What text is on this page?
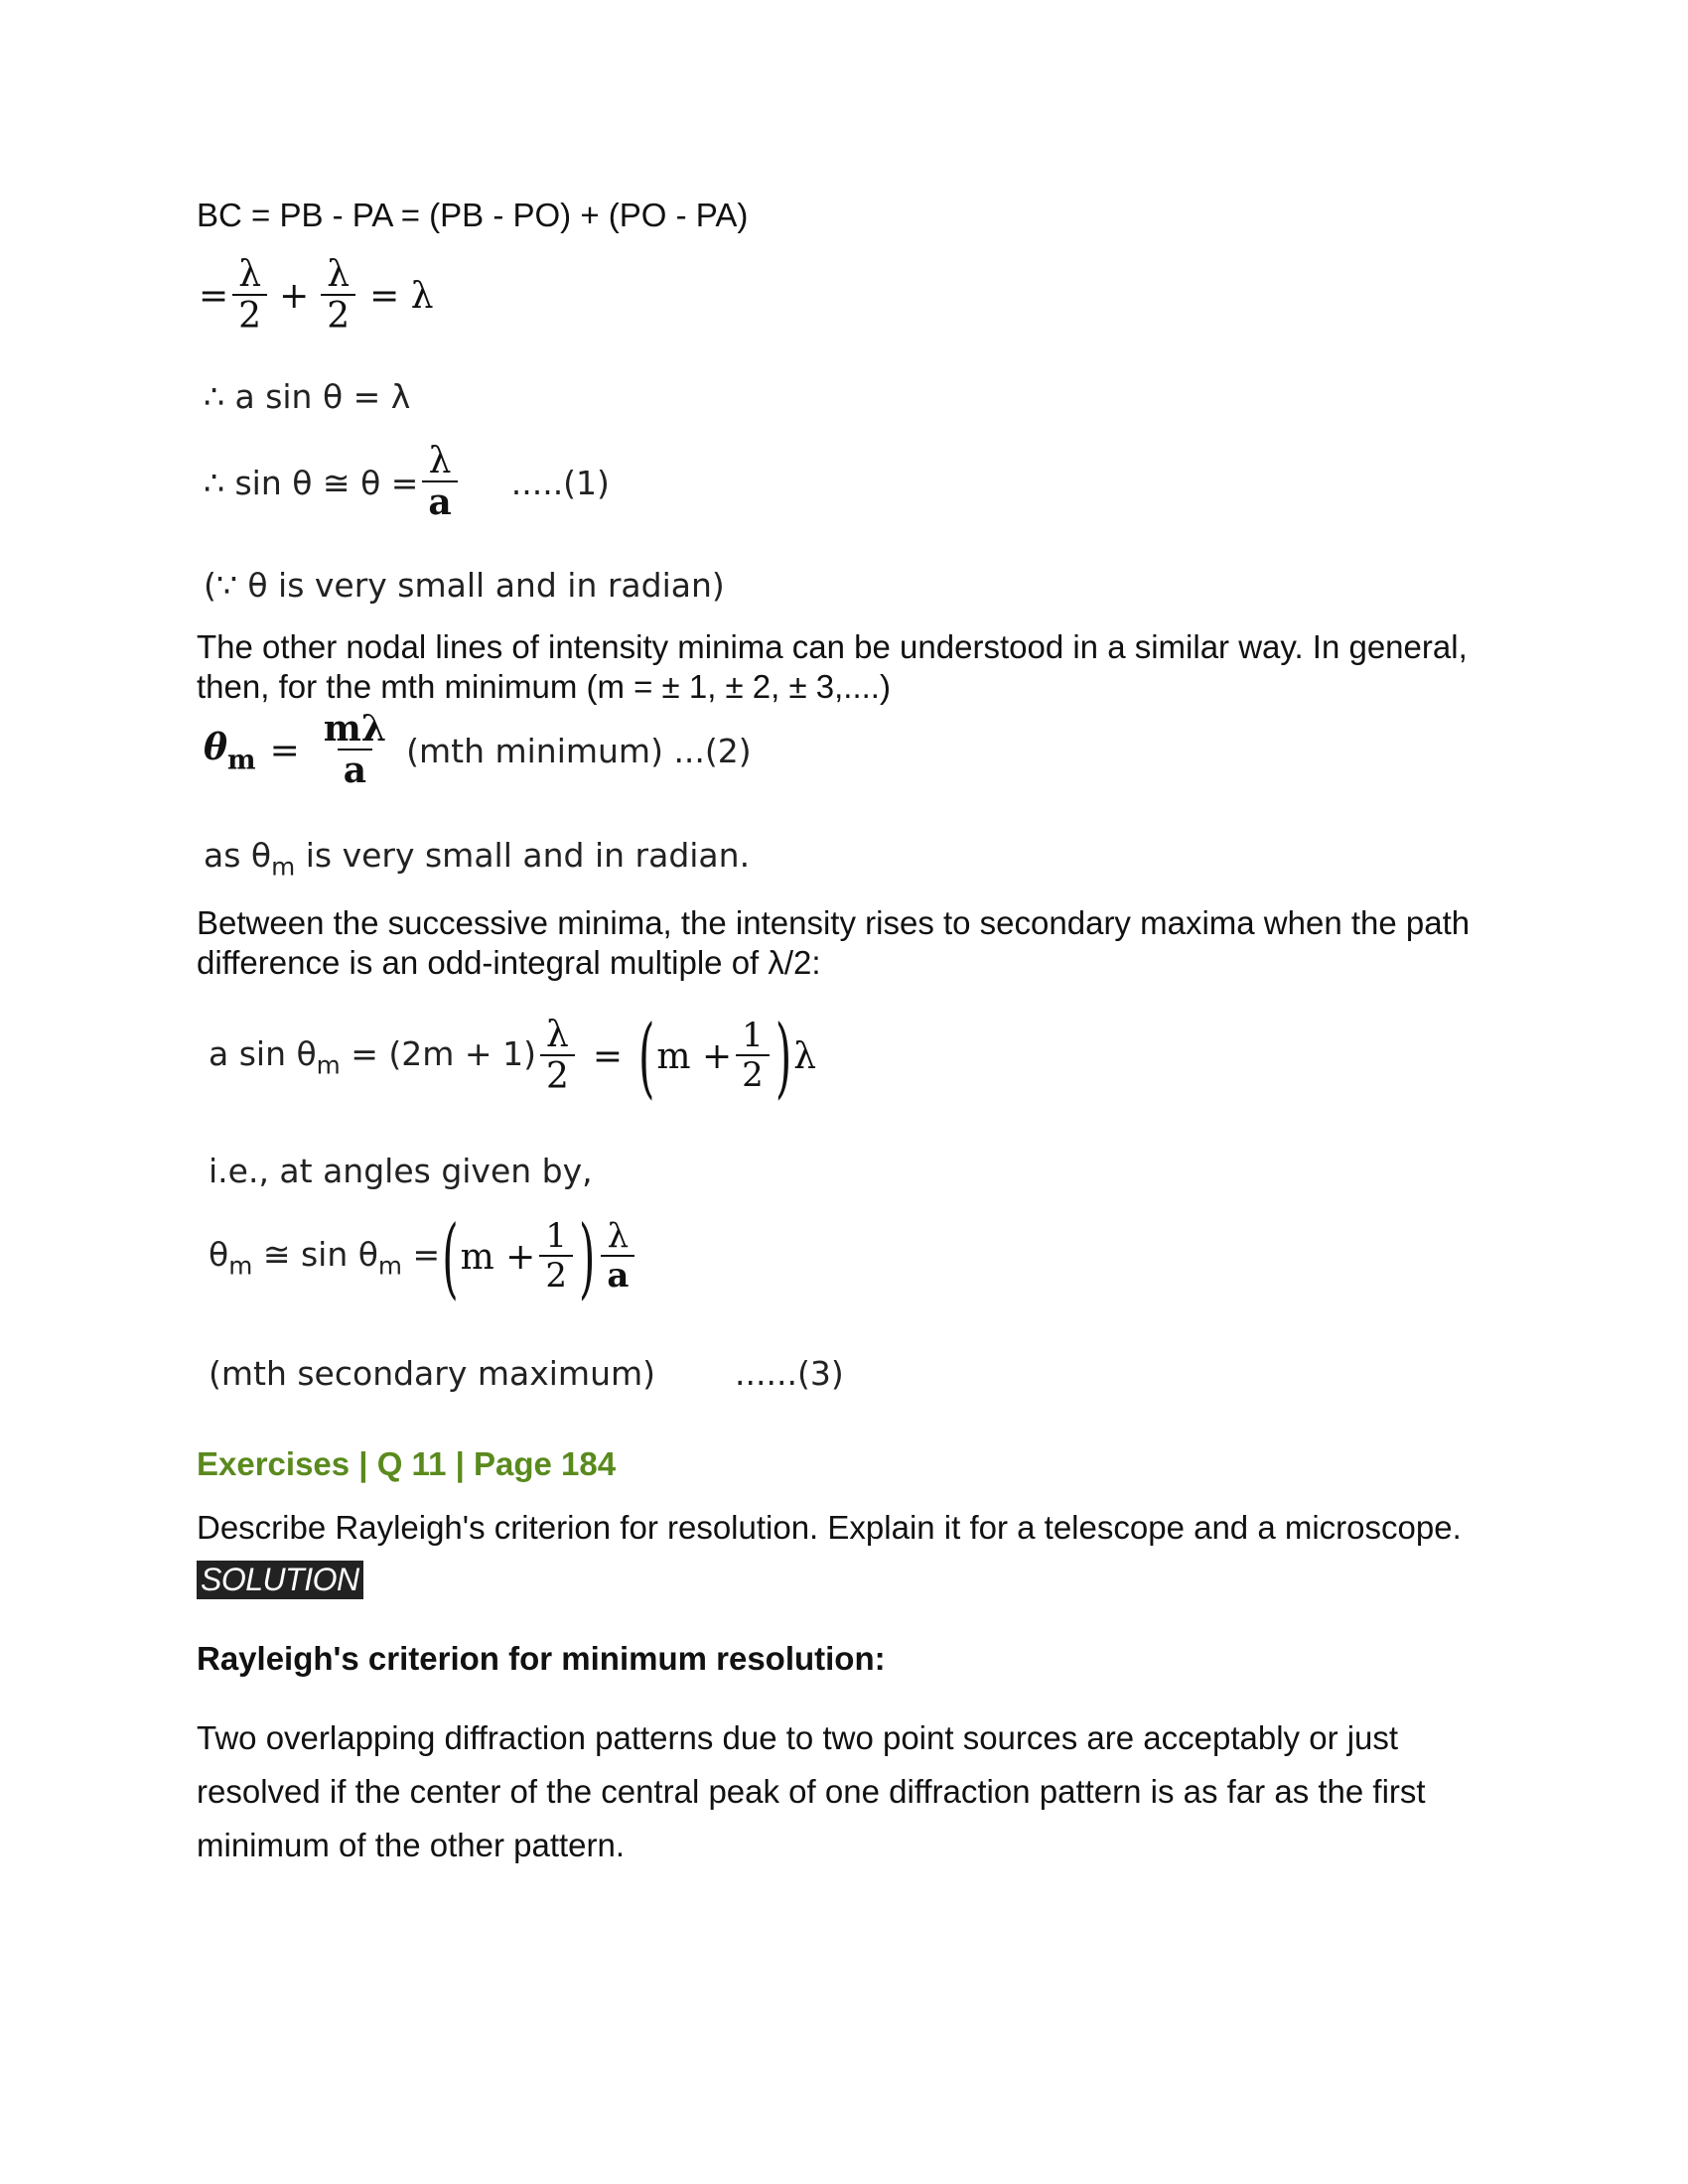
BC = PB - PA = (PB - PO) + (PO - PA)
= $\frac{\lambda}{2} + \frac{\lambda}{2} = \lambda$
∴ a sin θ = λ
∴ sin θ ≅ $\theta = \frac{\lambda}{a} .....(1)$
(∵ θ is very small and in radian)
The other nodal lines of intensity minima can be understood in a similar way. In general, then, for the mth minimum (m = ± 1, ± 2, ± 3,....)
$\theta_m = \frac{m\lambda}{a} (mth$ minimum) ...(2)
as $\theta_m$ is very small and in radian.
Between the successive minima, the intensity rises to secondary maxima when the path difference is an odd-integral multiple of λ/2:
a $\sin \theta_m = (2m + 1) \frac{\lambda}{2}$ = ( $m + \frac{1}{2}$ ) λ
i.e., at angles given by,
$\theta_m$ ≅ $\sin \theta_m$ = ( $m + \frac{1}{2}$ ) $\frac{\lambda}{a}$
(mth secondary maximum) ......(3)
Exercises | Q 11 | Page 184
Describe Rayleigh's criterion for resolution. Explain it for a telescope and a microscope.
SOLUTION
Rayleigh's criterion for minimum resolution:
Two overlapping diffraction patterns due to two point sources are acceptably or just resolved if the center of the central peak of one diffraction pattern is as far as the first minimum of the other pattern.
